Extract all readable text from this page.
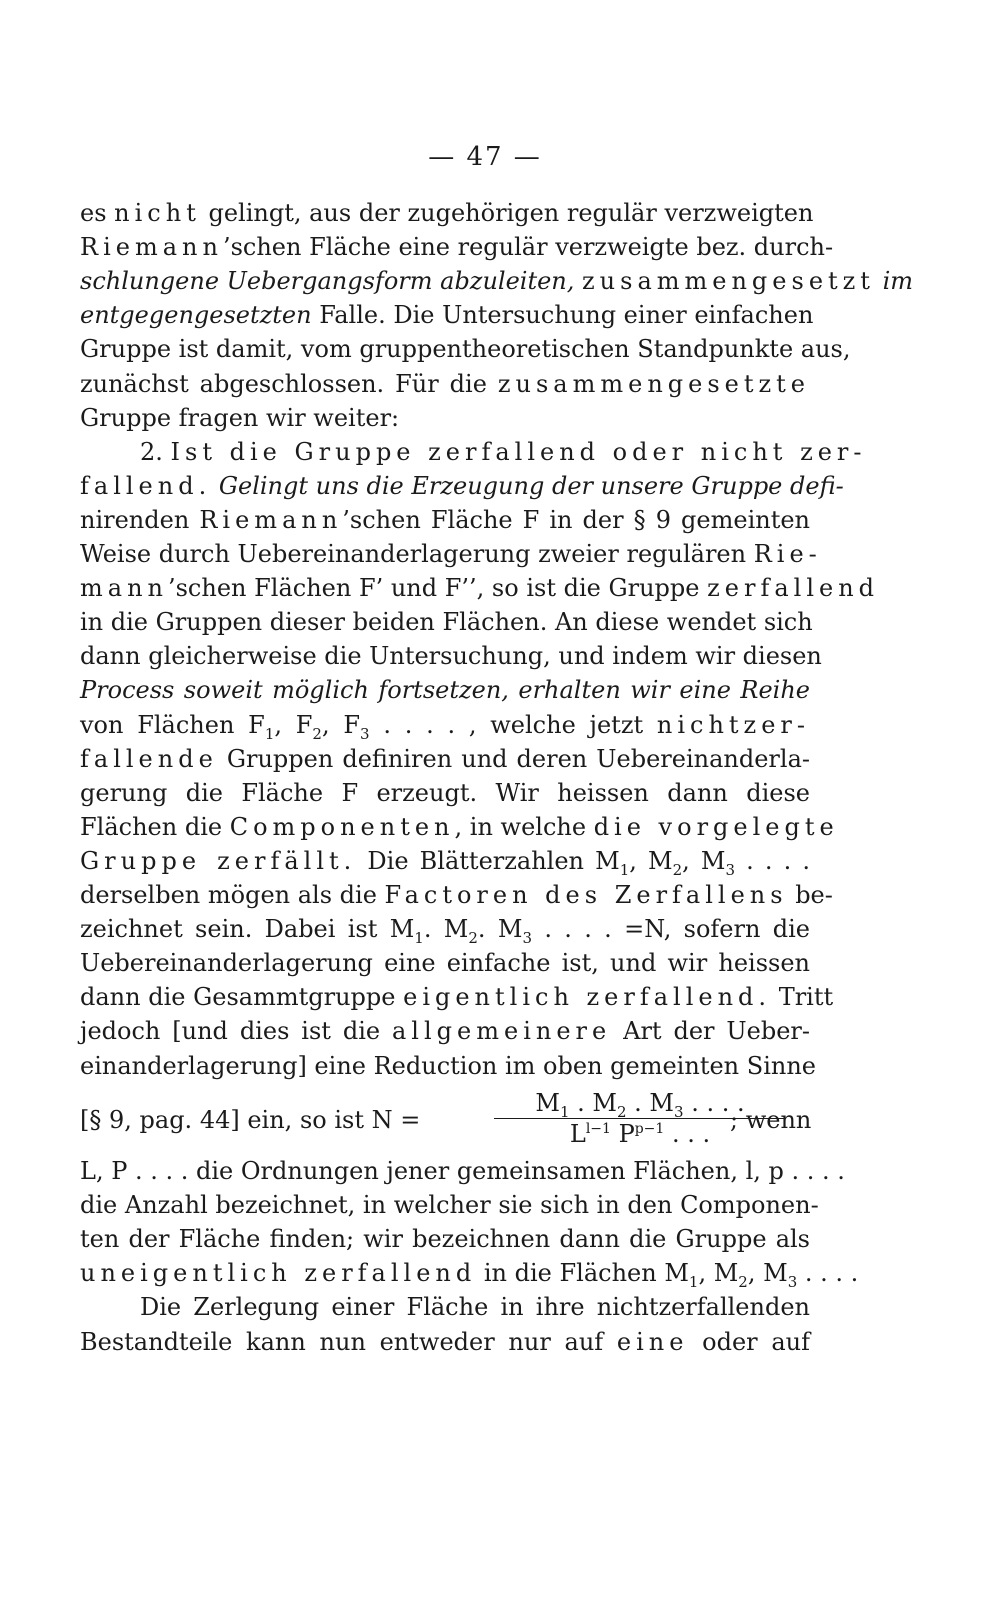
— 47 —
es nicht gelingt, aus der zugehörigen regulär verzweigten
Riemann’schen Fläche eine regulär verzweigte bez. durch-
schlungene Uebergangsform abzuleiten, zusammengesetzt im
entgegengesetzten Falle. Die Untersuchung einer einfachen
Gruppe ist damit, vom gruppentheoretischen Standpunkte aus,
zunächst abgeschlossen. Für die zusammengesetzte
Gruppe fragen wir weiter:
2. Ist die Gruppe zerfallend oder nicht zer-
fallend. Gelingt uns die Erzeugung der unsere Gruppe defi-
nirenden Riemann’schen Fläche F in der § 9 gemeinten
Weise durch Uebereinanderlagerung zweier regulären Rie-
mann’schen Flächen F’ und F’’, so ist die Gruppe zerfallend
in die Gruppen dieser beiden Flächen. An diese wendet sich
dann gleicherweise die Untersuchung, und indem wir diesen
Process soweit möglich fortsetzen, erhalten wir eine Reihe
von Flächen $F_1$, $F_2$, $F_3$ . . . . , welche jetzt nichtzer-
fallende Gruppen definiren und deren Uebereinanderla-
gerung die Fläche F erzeugt. Wir heissen dann diese
Flächen die Componenten, in welche die vorgelegte
Gruppe zerfällt. Die Blätterzahlen $M_1$, $M_2$, $M_3$ . . . .
derselben mögen als die Factoren des Zerfallens be-
zeichnet sein. Dabei ist $M_1$. $M_2$. $M_3$ . . . . =N, sofern die
Uebereinanderlagerung eine einfache ist, und wir heissen
dann die Gesammtgruppe eigentlich zerfallend. Tritt
jedoch [und dies ist die allgemeinere Art der Ueber-
einanderlagerung] eine Reduction im oben gemeinten Sinne
L, P . . . . die Ordnungen jener gemeinsamen Flächen, l, p . . . .
die Anzahl bezeichnet, in welcher sie sich in den Componen-
ten der Fläche finden; wir bezeichnen dann die Gruppe als
uneigentlich zerfallend in die Flächen $M_1$, $M_2$, $M_3$ . . . .
Die Zerlegung einer Fläche in ihre nichtzerfallenden
Bestandteile kann nun entweder nur auf eine oder auf
[§ 9, pag. 44] ein, so ist N =
$M_1$ . $M_2$ . $M_3$ . . . .
$L^{l-1}$ $P^{p-1}$ . . . ; wenn
